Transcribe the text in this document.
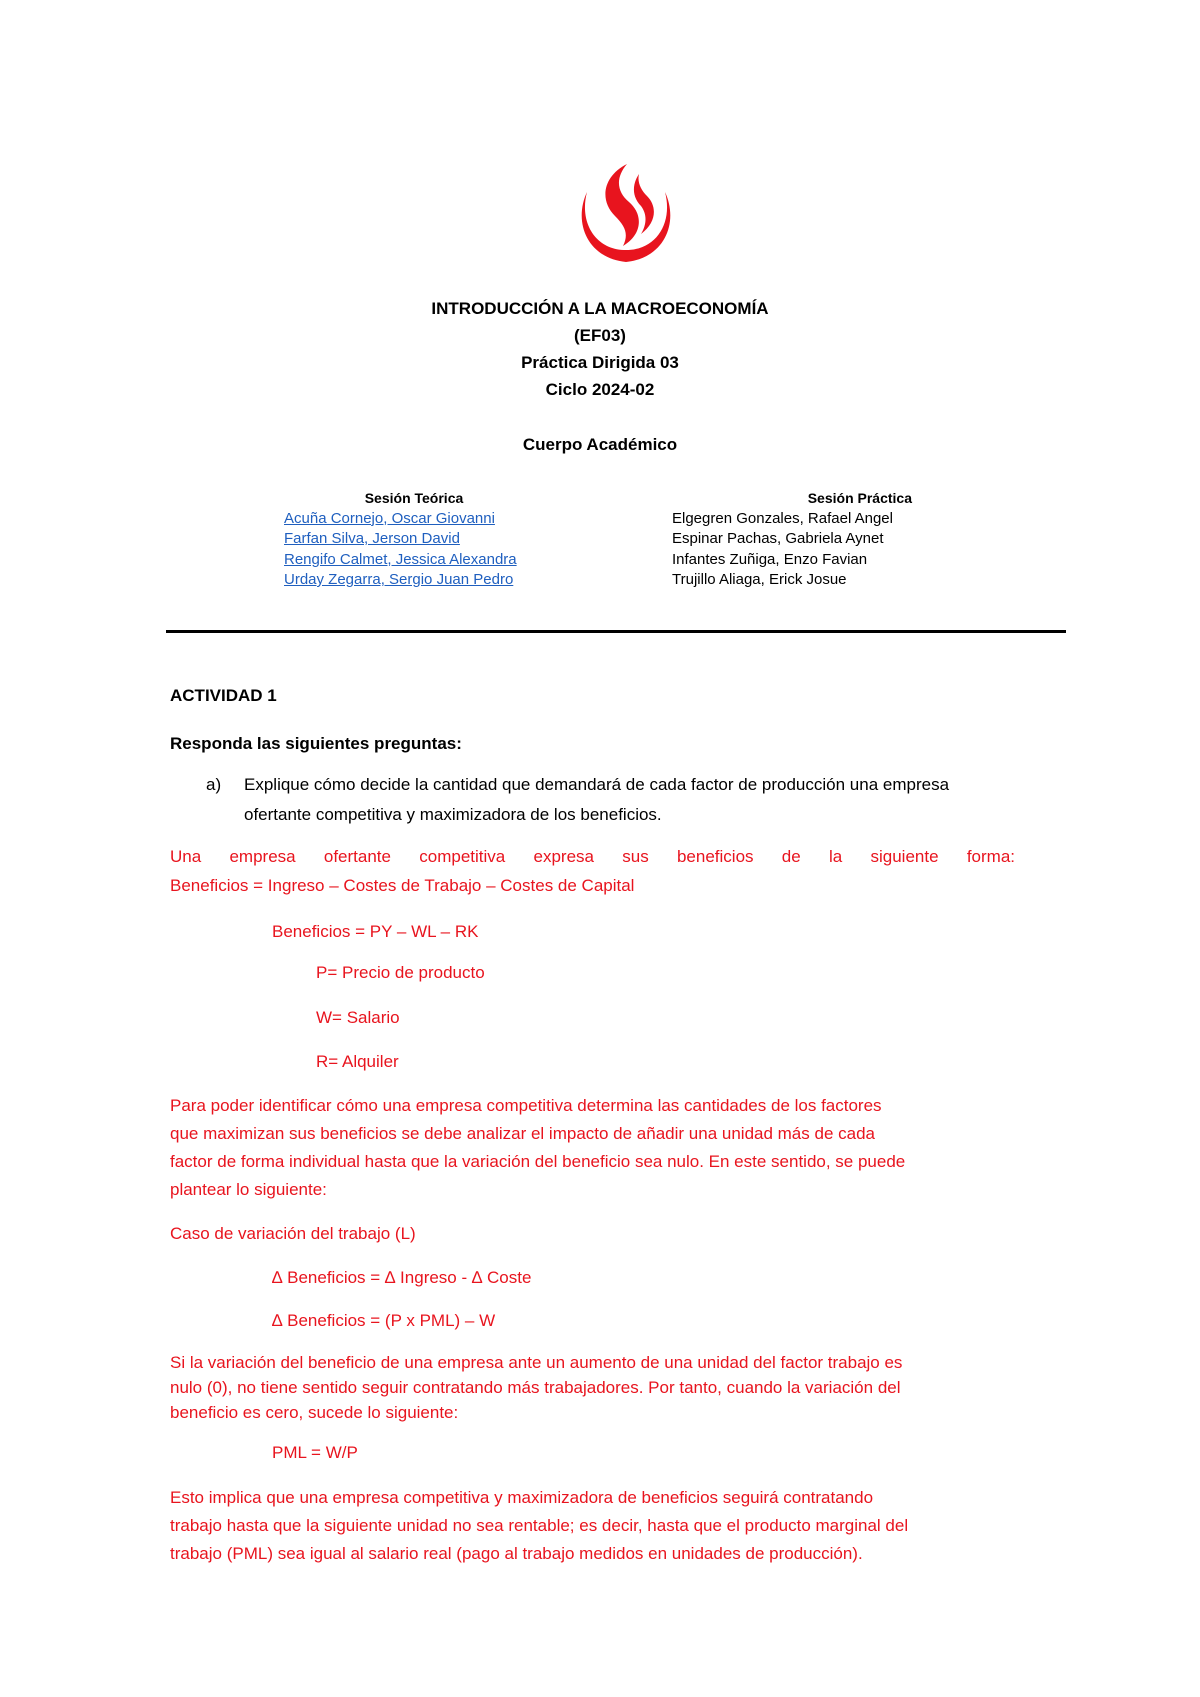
INTRODUCCIÓN A LA MACROECONOMÍA
(EF03)
Práctica Dirigida 03
Ciclo 2024-02
Cuerpo Académico
Sesión Teórica
Acuña Cornejo, Oscar Giovanni
Farfan Silva, Jerson David
Rengifo Calmet, Jessica Alexandra
Urday Zegarra, Sergio Juan Pedro
Sesión Práctica
Elgegren Gonzales, Rafael Angel
Espinar Pachas, Gabriela Aynet
Infantes Zuñiga, Enzo Favian
Trujillo Aliaga, Erick Josue
ACTIVIDAD 1
Responda las siguientes preguntas:
a) Explique cómo decide la cantidad que demandará de cada factor de producción una empresa
ofertante competitiva y maximizadora de los beneficios.
Una empresa ofertante competitiva expresa sus beneficios de la siguiente forma:
Beneficios = Ingreso – Costes de Trabajo – Costes de Capital
Beneficios = PY – WL – RK
P= Precio de producto
W= Salario
R= Alquiler
Para poder identificar cómo una empresa competitiva determina las cantidades de los factores
que maximizan sus beneficios se debe analizar el impacto de añadir una unidad más de cada
factor de forma individual hasta que la variación del beneficio sea nulo. En este sentido, se puede
plantear lo siguiente:
Caso de variación del trabajo (L)
∆ Beneficios = ∆ Ingreso - ∆ Coste
∆ Beneficios = (P x PML) – W
Si la variación del beneficio de una empresa ante un aumento de una unidad del factor trabajo es
nulo (0), no tiene sentido seguir contratando más trabajadores. Por tanto, cuando la variación del
beneficio es cero, sucede lo siguiente:
PML = W/P
Esto implica que una empresa competitiva y maximizadora de beneficios seguirá contratando
trabajo hasta que la siguiente unidad no sea rentable; es decir, hasta que el producto marginal del
trabajo (PML) sea igual al salario real (pago al trabajo medidos en unidades de producción).
